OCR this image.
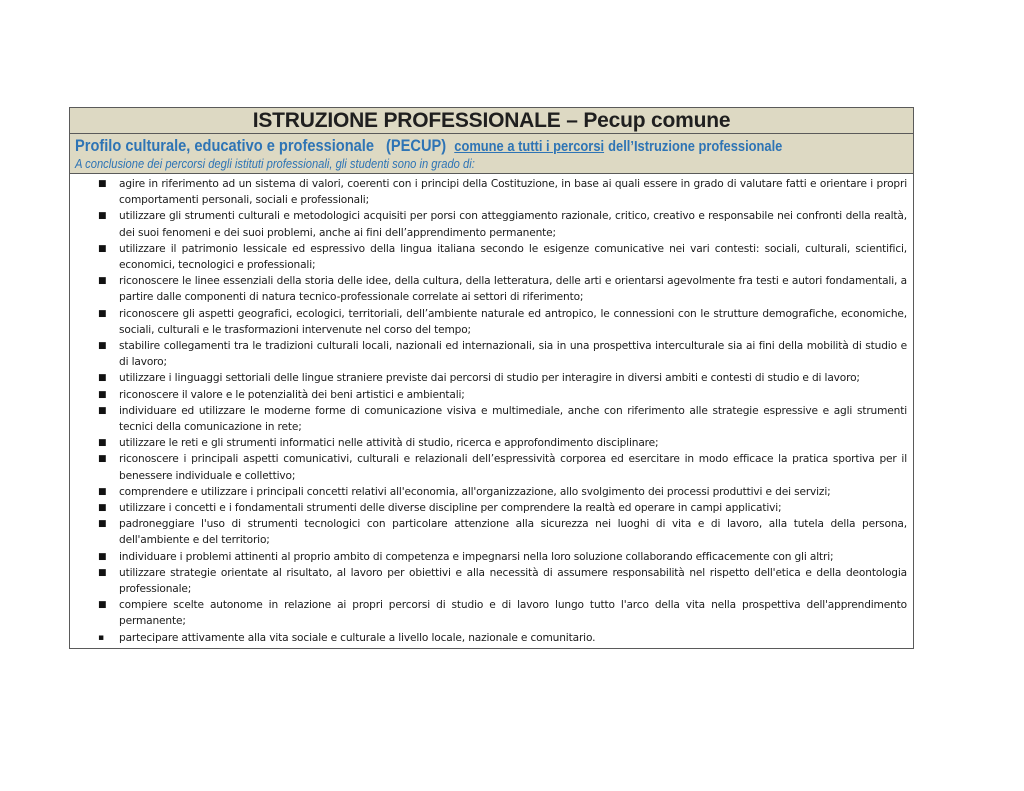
ISTRUZIONE PROFESSIONALE – Pecup comune
Profilo culturale, educativo e professionale (PECUP) comune a tutti i percorsi dell’Istruzione professionale
A conclusione dei percorsi degli istituti professionali, gli studenti sono in grado di:
■ agire in riferimento ad un sistema di valori, coerenti con i principi della Costituzione, in base ai quali essere in grado di valutare fatti e orientare i propri comportamenti personali, sociali e professionali;
■ utilizzare gli strumenti culturali e metodologici acquisiti per porsi con atteggiamento razionale, critico, creativo e responsabile nei confronti della realtà, dei suoi fenomeni e dei suoi problemi, anche ai fini dell’apprendimento permanente;
■ utilizzare il patrimonio lessicale ed espressivo della lingua italiana secondo le esigenze comunicative nei vari contesti: sociali, culturali, scientifici, economici, tecnologici e professionali;
■ riconoscere le linee essenziali della storia delle idee, della cultura, della letteratura, delle arti e orientarsi agevolmente fra testi e autori fondamentali, a partire dalle componenti di natura tecnico-professionale correlate ai settori di riferimento;
■ riconoscere gli aspetti geografici, ecologici, territoriali, dell’ambiente naturale ed antropico, le connessioni con le strutture demografiche, economiche, sociali, culturali e le trasformazioni intervenute nel corso del tempo;
■ stabilire collegamenti tra le tradizioni culturali locali, nazionali ed internazionali, sia in una prospettiva interculturale sia ai fini della mobilità di studio e di lavoro;
■ utilizzare i linguaggi settoriali delle lingue straniere previste dai percorsi di studio per interagire in diversi ambiti e contesti di studio e di lavoro;
■ riconoscere il valore e le potenzialità dei beni artistici e ambientali;
■ individuare ed utilizzare le moderne forme di comunicazione visiva e multimediale, anche con riferimento alle strategie espressive e agli strumenti tecnici della comunicazione in rete;
■ utilizzare le reti e gli strumenti informatici nelle attività di studio, ricerca e approfondimento disciplinare;
■ riconoscere i principali aspetti comunicativi, culturali e relazionali dell’espressività corporea ed esercitare in modo efficace la pratica sportiva per il benessere individuale e collettivo;
■ comprendere e utilizzare i principali concetti relativi all'economia, all'organizzazione, allo svolgimento dei processi produttivi e dei servizi;
■ utilizzare i concetti e i fondamentali strumenti delle diverse discipline per comprendere la realtà ed operare in campi applicativi;
■ padroneggiare l'uso di strumenti tecnologici con particolare attenzione alla sicurezza nei luoghi di vita e di lavoro, alla tutela della persona, dell'ambiente e del territorio;
■ individuare i problemi attinenti al proprio ambito di competenza e impegnarsi nella loro soluzione collaborando efficacemente con gli altri;
■ utilizzare strategie orientate al risultato, al lavoro per obiettivi e alla necessità di assumere responsabilità nel rispetto dell'etica e della deontologia professionale;
■ compiere scelte autonome in relazione ai propri percorsi di studio e di lavoro lungo tutto l'arco della vita nella prospettiva dell'apprendimento permanente;
▪ partecipare attivamente alla vita sociale e culturale a livello locale, nazionale e comunitario.
